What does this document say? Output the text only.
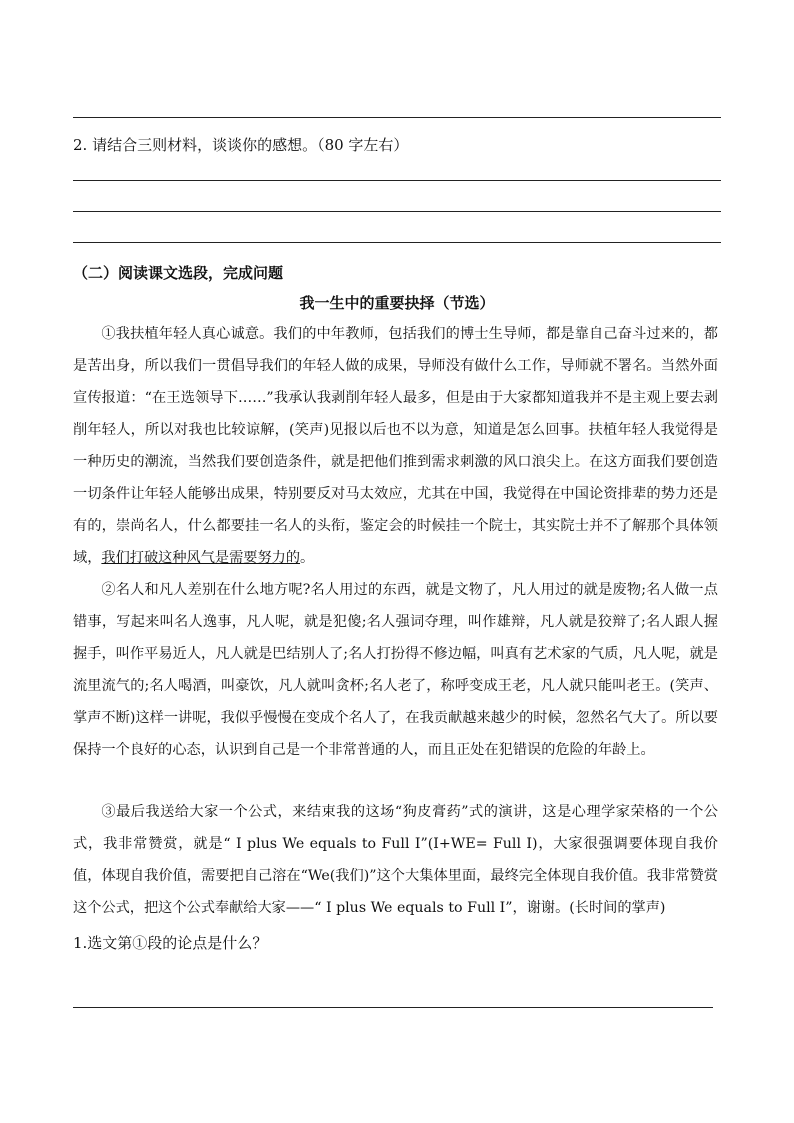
2. 请结合三则材料，谈谈你的感想。（80 字左右）
（二）阅读课文选段，完成问题
我一生中的重要抉择（节选）

①我扶植年轻人真心诚意。我们的中年教师，包括我们的博士生导师，都是靠自己奋斗过来的，都是苦出身，所以我们一贯倡导我们的年轻人做的成果，导师没有做什么工作，导师就不署名。当然外面宣传报道：“在王选领导下……”我承认我剥削年轻人最多，但是由于大家都知道我并不是主观上要去剥削年轻人，所以对我也比较谅解，(笑声)见报以后也不以为意，知道是怎么回事。扶植年轻人我觉得是一种历史的潮流，当然我们要创造条件，就是把他们推到需求刺激的风口浪尖上。在这方面我们要创造一切条件让年轻人能够出成果，特别要反对马太效应，尤其在中国，我觉得在中国论资排辈的势力还是有的，崇尚名人，什么都要挂一名人的头衔，鉴定会的时候挂一个院士，其实院士并不了解那个具体领域，我们打破这种风气是需要努力的。

②名人和凡人差别在什么地方呢?名人用过的东西，就是文物了，凡人用过的就是废物;名人做一点错事，写起来叫名人逸事，凡人呢，就是犯傻;名人强词夺理，叫作雄辩，凡人就是狡辩了;名人跟人握握手，叫作平易近人，凡人就是巴结别人了;名人打扮得不修边幅，叫真有艺术家的气质，凡人呢，就是流里流气的;名人喝酒，叫豪饮，凡人就叫贪杯;名人老了，称呼变成王老，凡人就只能叫老王。(笑声、掌声不断)这样一讲呢，我似乎慢慢在变成个名人了，在我贡献越来越少的时候，忽然名气大了。所以要保持一个良好的心态，认识到自己是一个非常普通的人，而且正处在犯错误的危险的年龄上。

③最后我送给大家一个公式，来结束我的这场“狗皮膏药”式的演讲，这是心理学家荣格的一个公式，我非常赞赏，就是“ I plus We equals to Full I”(I+WE= Full I)，大家很强调要体现自我价值，体现自我价值，需要把自己溶在“We(我们)”这个大集体里面，最终完全体现自我价值。我非常赞赏这个公式，把这个公式奉献给大家——“ I plus We equals to Full I”，谢谢。(长时间的掌声)

1.选文第①段的论点是什么？
